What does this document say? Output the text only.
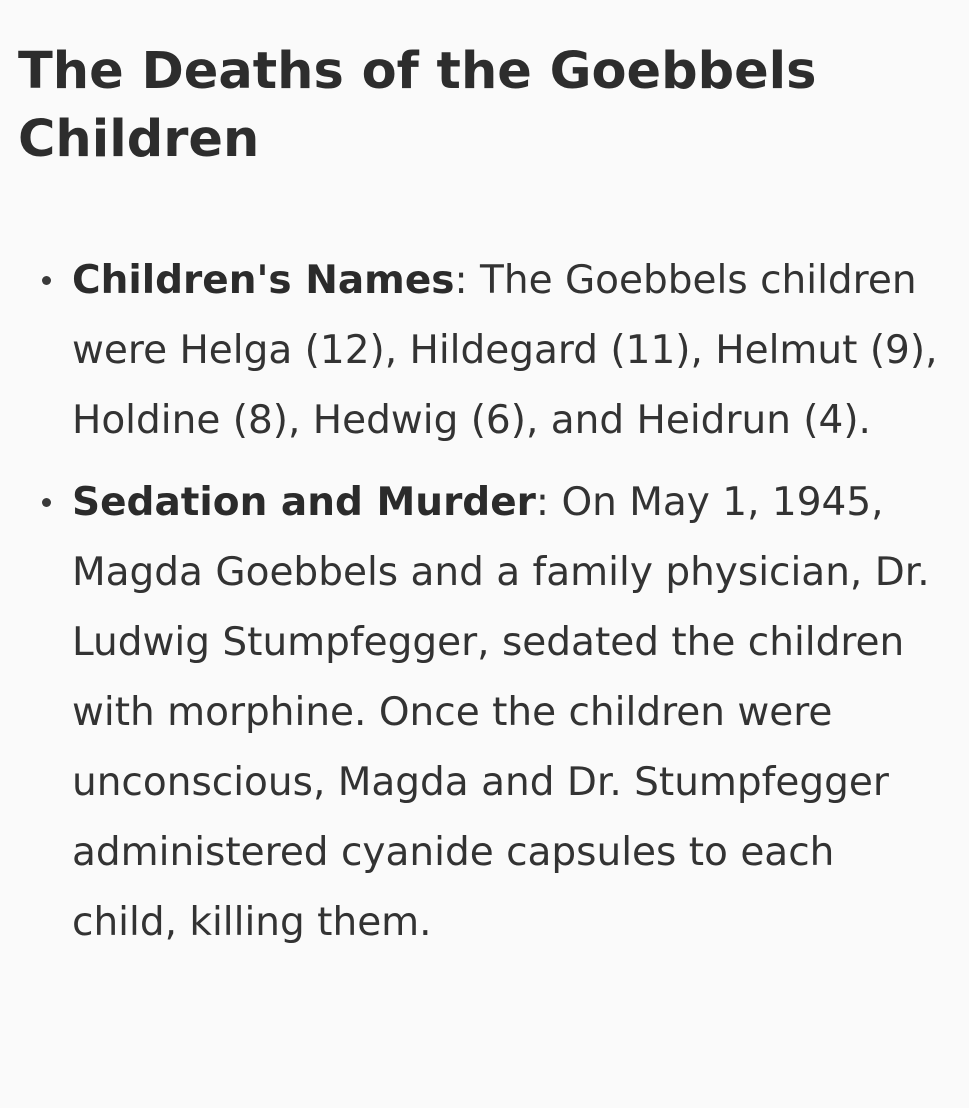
The Deaths of the Goebbels Children
Children's Names: The Goebbels children were Helga (12), Hildegard (11), Helmut (9), Holdine (8), Hedwig (6), and Heidrun (4).
Sedation and Murder: On May 1, 1945, Magda Goebbels and a family physician, Dr. Ludwig Stumpfegger, sedated the children with morphine. Once the children were unconscious, Magda and Dr. Stumpfegger administered cyanide capsules to each child, killing them.
